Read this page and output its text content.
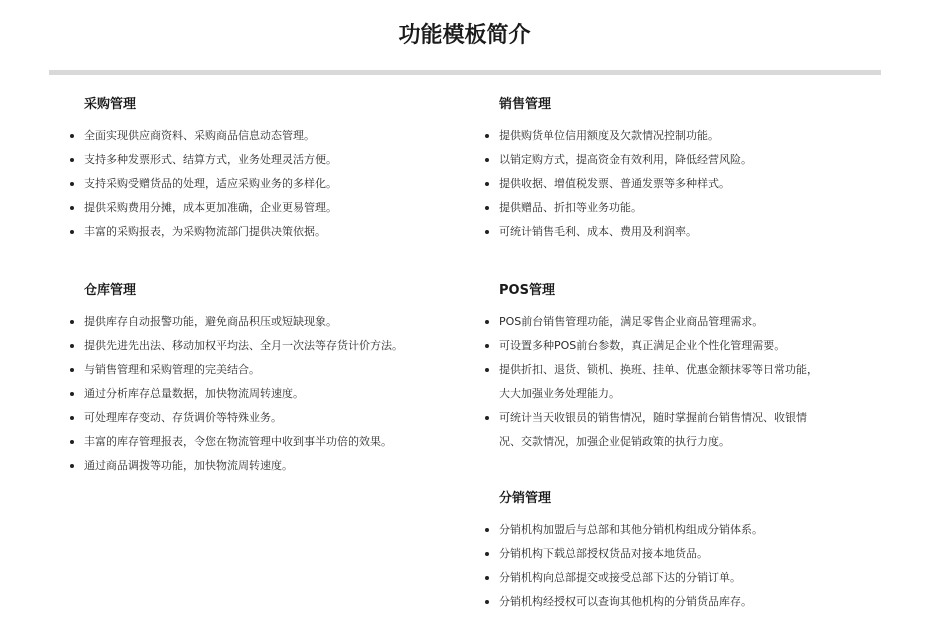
功能模板简介
采购管理
全面实现供应商资料、采购商品信息动态管理。
支持多种发票形式、结算方式，业务处理灵活方便。
支持采购受赠货品的处理，适应采购业务的多样化。
提供采购费用分摊，成本更加准确，企业更易管理。
丰富的采购报表，为采购物流部门提供决策依据。
销售管理
提供购货单位信用额度及欠款情况控制功能。
以销定购方式，提高资金有效利用，降低经营风险。
提供收据、增值税发票、普通发票等多种样式。
提供赠品、折扣等业务功能。
可统计销售毛利、成本、费用及利润率。
仓库管理
提供库存自动报警功能，避免商品积压或短缺现象。
提供先进先出法、移动加权平均法、全月一次法等存货计价方法。
与销售管理和采购管理的完美结合。
通过分析库存总量数据，加快物流周转速度。
可处理库存变动、存货调价等特殊业务。
丰富的库存管理报表，令您在物流管理中收到事半功倍的效果。
通过商品调拨等功能，加快物流周转速度。
POS管理
POS前台销售管理功能，满足零售企业商品管理需求。
可设置多种POS前台参数，真正满足企业个性化管理需要。
提供折扣、退货、锁机、换班、挂单、优惠金额抹零等日常功能，
大大加强业务处理能力。
可统计当天收银员的销售情况，随时掌握前台销售情况、收银情
况、交款情况，加强企业促销政策的执行力度。
分销管理
分销机构加盟后与总部和其他分销机构组成分销体系。
分销机构下载总部授权货品对接本地货品。
分销机构向总部提交或接受总部下达的分销订单。
分销机构经授权可以查询其他机构的分销货品库存。
